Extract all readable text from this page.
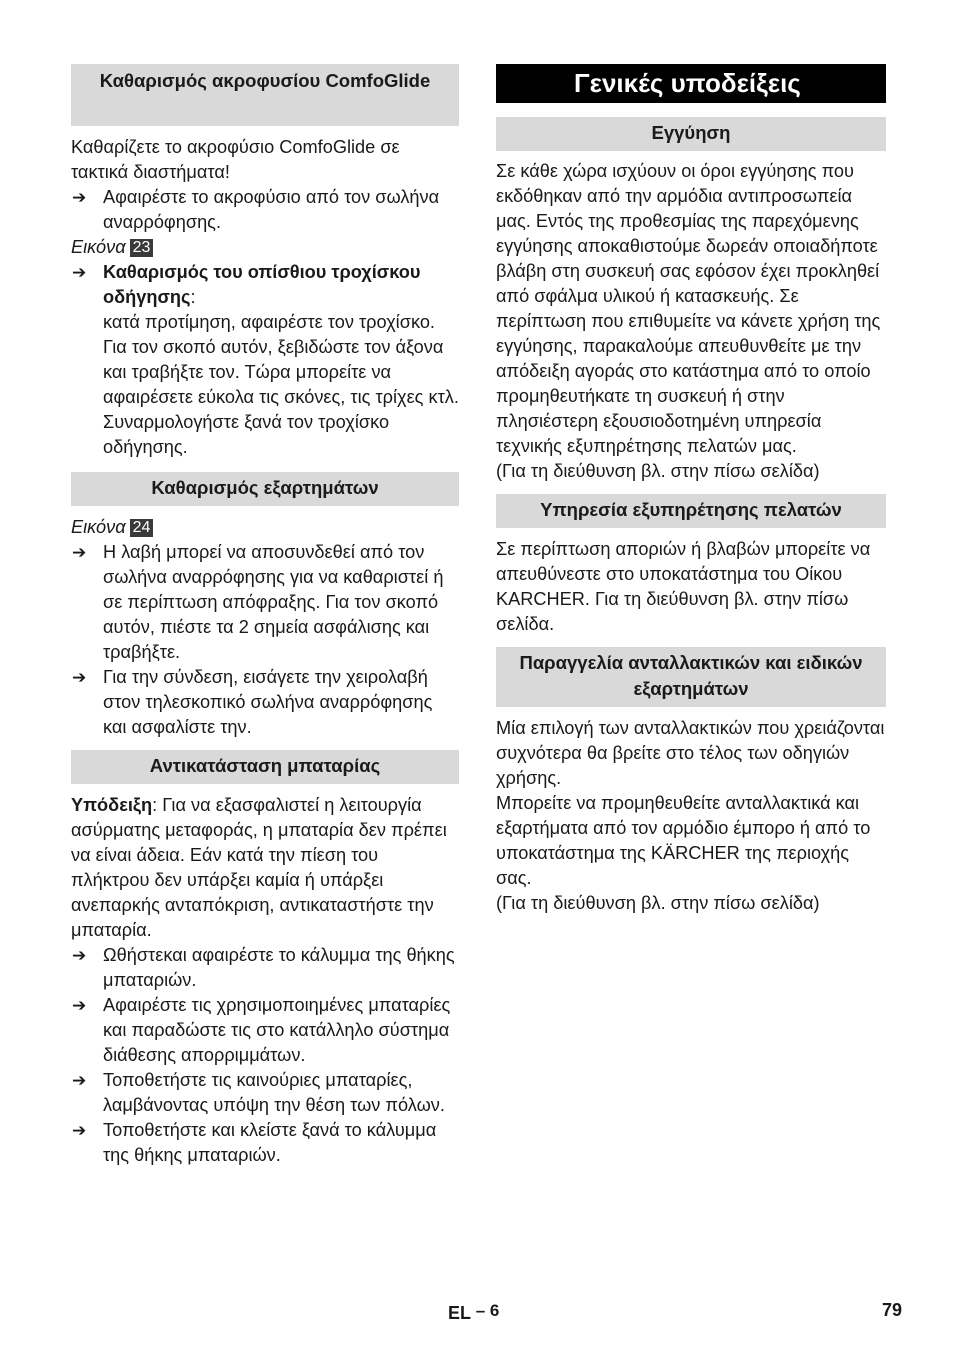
Καθαρισμός ακροφυσίου ComfoGlide

Καθαρίζετε το ακροφύσιο ComfoGlide σε τακτικά διαστήματα!

➔ Αφαιρέστε το ακροφύσιο από τον σωλήνα αναρρόφησης.

Εικόνα 23

➔ Καθαρισμός του οπίσθιου τροχίσκου οδήγησης:

κατά προτίμηση, αφαιρέστε τον τροχίσκο. Για τον σκοπό αυτόν, ξεβιδώστε τον άξονα και τραβήξτε τον. Τώρα μπορείτε να αφαιρέσετε εύκολα τις σκόνες, τις τρίχες κτλ. Συναρμολογήστε ξανά τον τροχίσκο οδήγησης.

Καθαρισμός εξαρτημάτων

Εικόνα 24

➔ Η λαβή μπορεί να αποσυνδεθεί από τον σωλήνα αναρρόφησης για να καθαριστεί ή σε περίπτωση απόφραξης. Για τον σκοπό αυτόν, πιέστε τα 2 σημεία ασφάλισης και τραβήξτε.
➔ Για την σύνδεση, εισάγετε την χειρολαβή στον τηλεσκοπικό σωλήνα αναρρόφησης και ασφαλίστε την.
Αντικατάσταση μπαταρίας

Υπόδειξη: Για να εξασφαλιστεί η λειτουργία ασύρματης μεταφοράς, η μπαταρία δεν πρέπει να είναι άδεια. Εάν κατά την πίεση του πλήκτρου δεν υπάρξει καμία ή υπάρξει ανεπαρκής ανταπόκριση, αντικαταστήστε την μπαταρία.

➔ Ωθήστεκαι αφαιρέστε το κάλυμμα της θήκης μπαταριών.
➔ Αφαιρέστε τις χρησιμοποιημένες μπαταρίες και παραδώστε τις στο κατάλληλο σύστημα διάθεσης απορριμμάτων.
➔ Τοποθετήστε τις καινούριες μπαταρίες, λαμβάνοντας υπόψη την θέση των πόλων.
➔ Τοποθετήστε και κλείστε ξανά το κάλυμμα της θήκης μπαταριών.
Γενικές υποδείξεις
Εγγύηση

Σε κάθε χώρα ισχύουν οι όροι εγγύησης που εκδόθηκαν από την αρμόδια αντιπροσωπεία μας. Εντός της προθεσμίας της παρεχόμενης εγγύησης αποκαθιστούμε δωρεάν οποιαδήποτε βλάβη στη συσκευή σας εφόσον έχει προκληθεί από σφάλμα υλικού ή κατασκευής. Σε περίπτωση που επιθυμείτε να κάνετε χρήση της εγγύησης, παρακαλούμε απευθυνθείτε με την απόδειξη αγοράς στο κατάστημα από το οποίο προμηθευτήκατε τη συσκευή ή στην πλησιέστερη εξουσιοδοτημένη υπηρεσία τεχνικής εξυπηρέτησης πελατών μας.

(Για τη διεύθυνση βλ. στην πίσω σελίδα)

Υπηρεσία εξυπηρέτησης πελατών

Σε περίπτωση αποριών ή βλαβών μπορείτε να απευθύνεστε στο υποκατάστημα του Οίκου KARCHER. Για τη διεύθυνση βλ. στην πίσω σελίδα.

Παραγγελία ανταλλακτικών και ειδικών εξαρτημάτων

Μία επιλογή των ανταλλακτικών που χρειάζονται συχνότερα θα βρείτε στο τέλος των οδηγιών χρήσης.

Μπορείτε να προμηθευθείτε ανταλλακτικά και εξαρτήματα από τον αρμόδιο έμπορο ή από το υποκατάστημα της KÄRCHER της περιοχής σας.

(Για τη διεύθυνση βλ. στην πίσω σελίδα)

EL – 6	79
